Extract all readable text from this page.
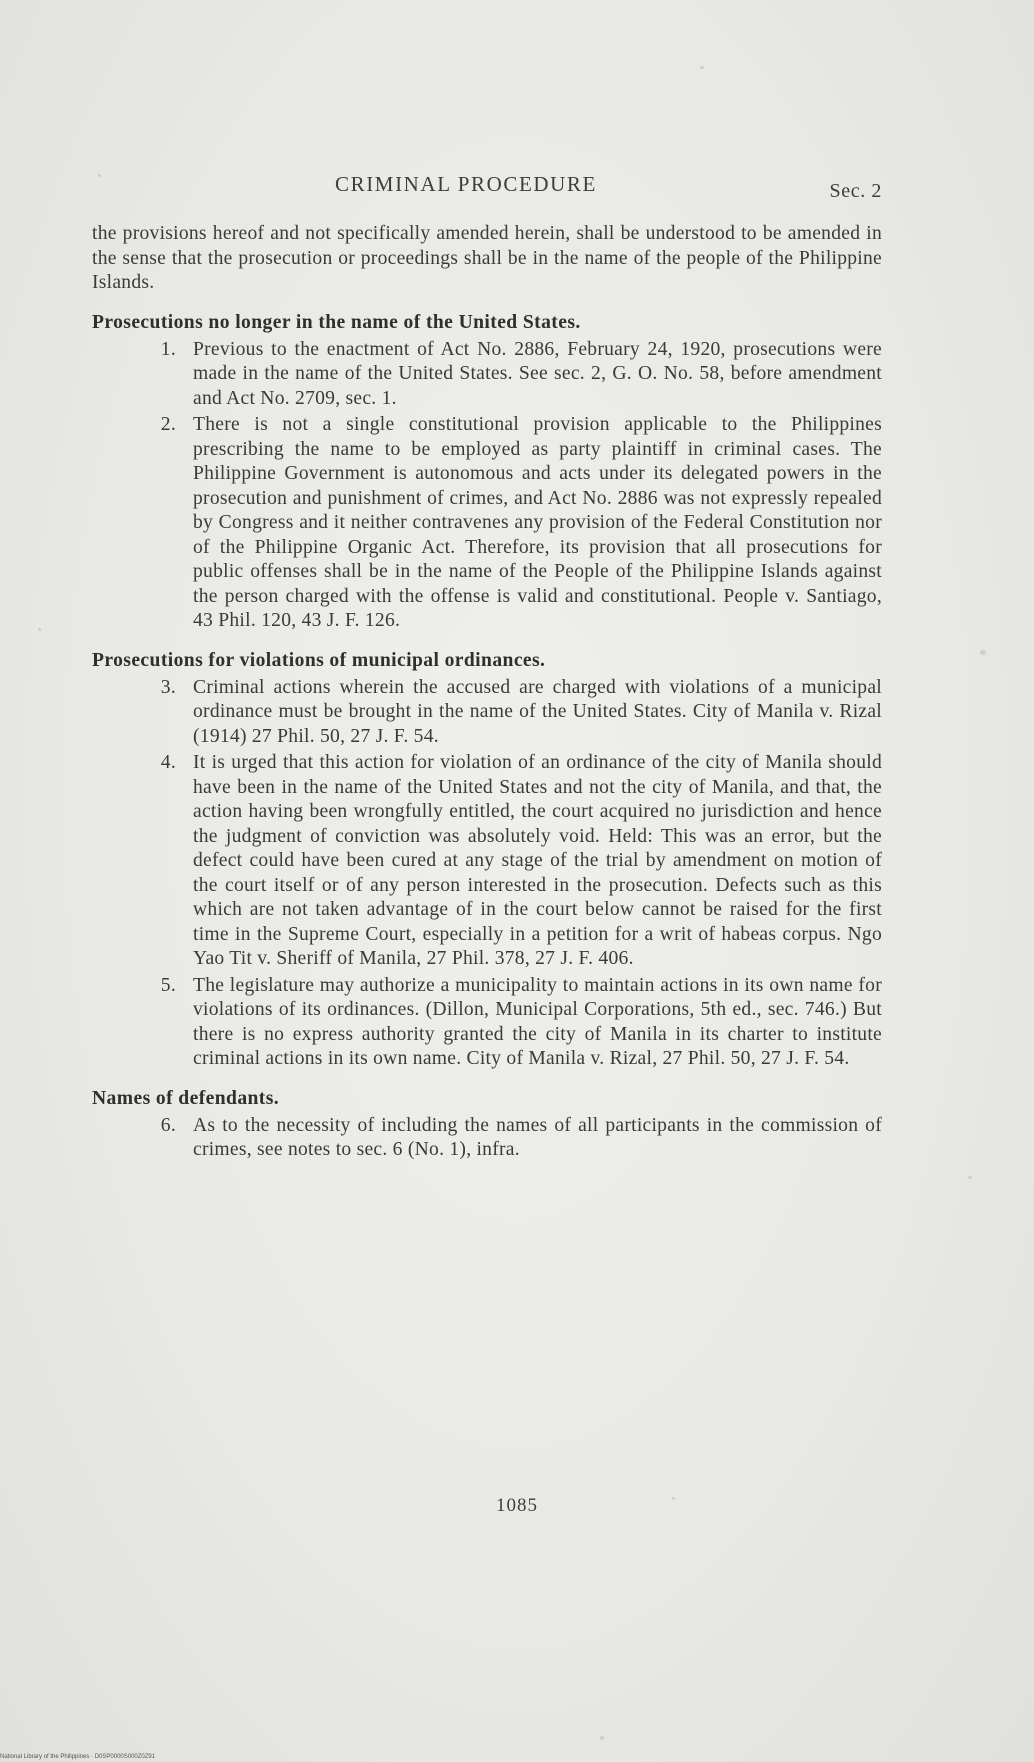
CRIMINAL PROCEDURE	Sec. 2

the provisions hereof and not specifically amended herein, shall be understood to be amended in the sense that the prosecution or proceedings shall be in the name of the people of the Philippine Islands.

Prosecutions no longer in the name of the United States.
1. Previous to the enactment of Act No. 2886, February 24, 1920, prosecutions were made in the name of the United States. See sec. 2, G. O. No. 58, before amendment and Act No. 2709, sec. 1.

2. There is not a single constitutional provision applicable to the Philippines prescribing the name to be employed as party plaintiff in criminal cases. The Philippine Government is autonomous and acts under its delegated powers in the prosecution and punishment of crimes, and Act No. 2886 was not expressly repealed by Congress and it neither contravenes any provision of the Federal Constitution nor of the Philippine Organic Act. Therefore, its provision that all prosecutions for public offenses shall be in the name of the People of the Philippine Islands against the person charged with the offense is valid and constitutional. People v. Santiago, 43 Phil. 120, 43 J. F. 126.

Prosecutions for violations of municipal ordinances.
3. Criminal actions wherein the accused are charged with violations of a municipal ordinance must be brought in the name of the United States. City of Manila v. Rizal (1914) 27 Phil. 50, 27 J. F. 54.

4. It is urged that this action for violation of an ordinance of the city of Manila should have been in the name of the United States and not the city of Manila, and that, the action having been wrongfully entitled, the court acquired no jurisdiction and hence the judgment of conviction was absolutely void. Held: This was an error, but the defect could have been cured at any stage of the trial by amendment on motion of the court itself or of any person interested in the prosecution. Defects such as this which are not taken advantage of in the court below cannot be raised for the first time in the Supreme Court, especially in a petition for a writ of habeas corpus. Ngo Yao Tit v. Sheriff of Manila, 27 Phil. 378, 27 J. F. 406.

5. The legislature may authorize a municipality to maintain actions in its own name for violations of its ordinances. (Dillon, Municipal Corporations, 5th ed., sec. 746.) But there is no express authority granted the city of Manila in its charter to institute criminal actions in its own name. City of Manila v. Rizal, 27 Phil. 50, 27 J. F. 54.

Names of defendants.
6. As to the necessity of including the names of all participants in the commission of crimes, see notes to sec. 6 (No. 1), infra.

1085
National Library of the Philippines · D0SP0000S000Z0Z91
